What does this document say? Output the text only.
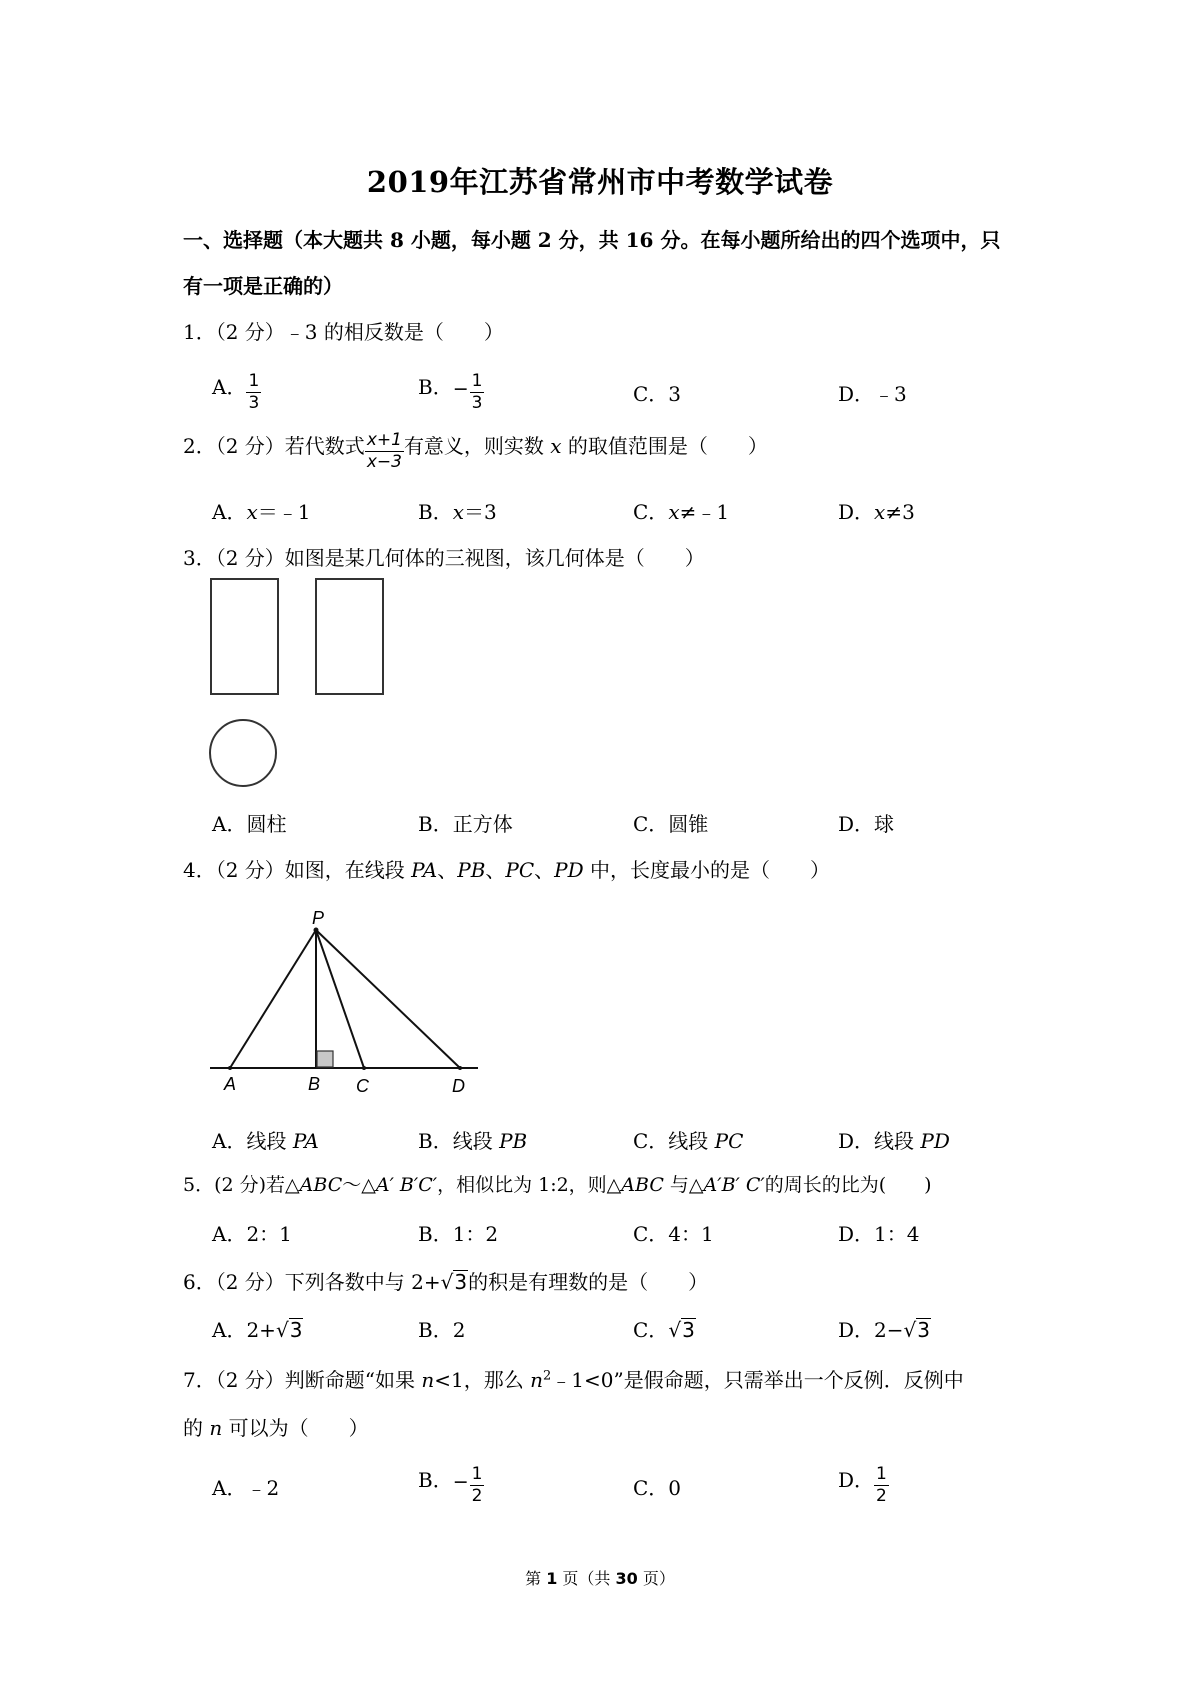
2019年江苏省常州市中考数学试卷
一、选择题（本大题共 8 小题，每小题 2 分，共 16 分。在每小题所给出的四个选项中，只
有一项是正确的）
1．（2 分）﹣3 的相反数是（　　）
A． $\frac{1}{3}$	B．− $\frac{1}{3}$	C．3	D．﹣3
2．（2 分）若代数式 $\frac{x+1}{x-3}$ 有意义，则实数 x 的取值范围是（　　）
A．x＝﹣1	B．x＝3	C．x≠﹣1	D．x≠3
3．（2 分）如图是某几何体的三视图，该几何体是（　　）
A．圆柱	B．正方体	C．圆锥	D．球
4．（2 分）如图，在线段 PA、PB、PC、PD 中，长度最小的是（　　）
P
A	B C	D
A．线段 PA	B．线段 PB	C．线段 PC	D．线段 PD
5．(2 分)若△ABC～△A′ B′C′，相似比为 1:2，则△ABC 与△A′B′ C′的周长的比为(　　)
A．2：1	B．1：2	C．4：1	D．1：4
6．（2 分）下列各数中与 2+√3的积是有理数的是（　　）
A．2+√3	B．2	C．√3	D．2−√3
7．（2 分）判断命题“如果 n<1，那么 $n^2﹣1<0$”是假命题，只需举出一个反例．反例中
的 n 可以为（　　）
A．﹣2	B．− $\frac{1}{2}$	C．0	D． $\frac{1}{2}$
第 1 页（共 30 页）
